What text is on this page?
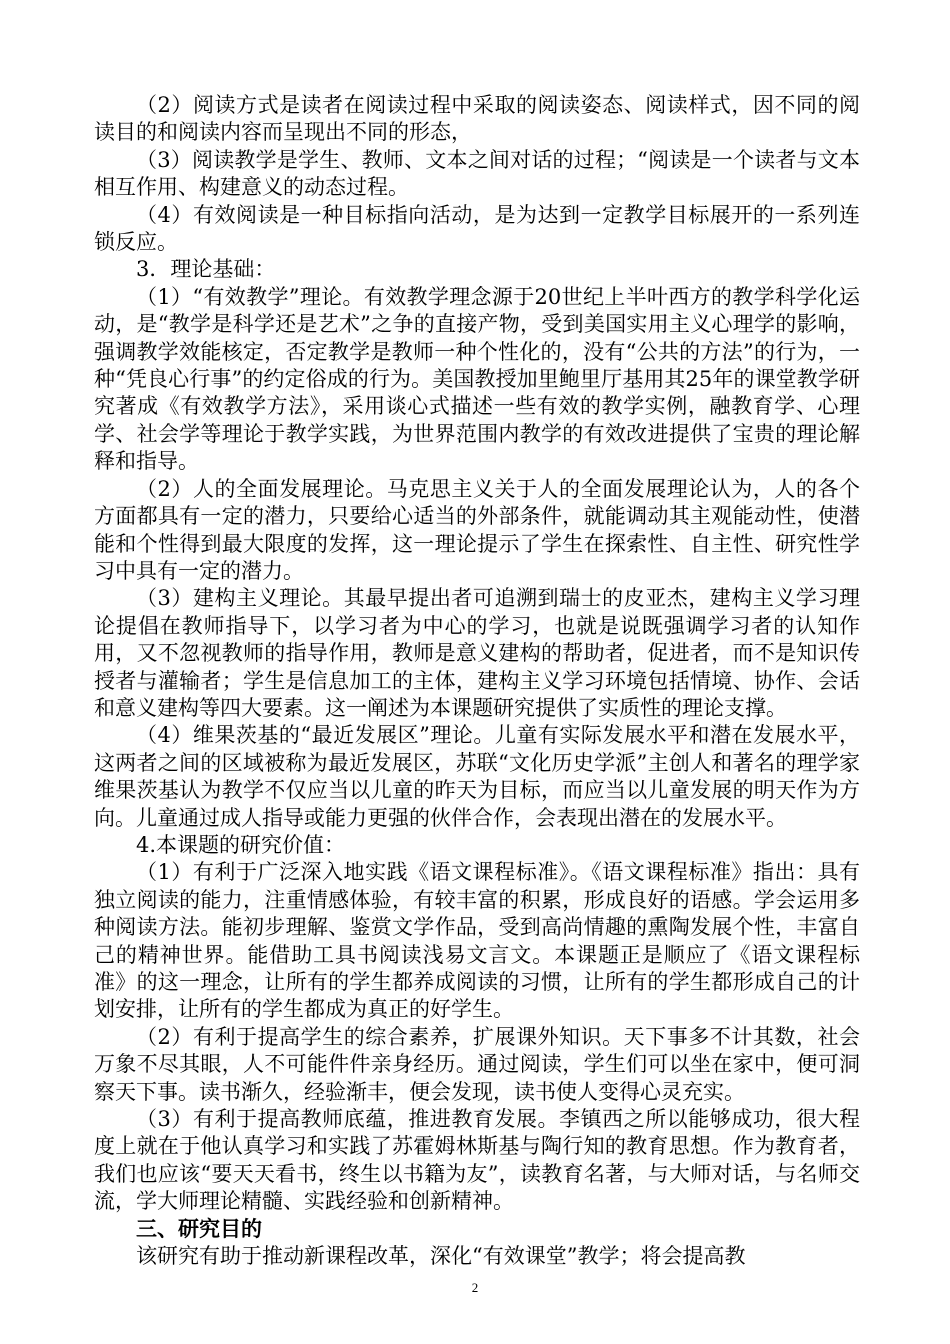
（2）阅读方式是读者在阅读过程中采取的阅读姿态、阅读样式，因不同的阅读目的和阅读内容而呈现出不同的形态，

（3）阅读教学是学生、教师、文本之间对话的过程；“阅读是一个读者与文本相互作用、构建意义的动态过程。

（4）有效阅读是一种目标指向活动，是为达到一定教学目标展开的一系列连锁反应。

3．理论基础：

（1）“有效教学”理论。有效教学理念源于20世纪上半叶西方的教学科学化运动，是“教学是科学还是艺术”之争的直接产物，受到美国实用主义心理学的影响，强调教学效能核定，否定教学是教师一种个性化的，没有“公共的方法”的行为，一种“凭良心行事”的约定俗成的行为。美国教授加里鲍里厅基用其25年的课堂教学研究著成《有效教学方法》，采用谈心式描述一些有效的教学实例，融教育学、心理学、社会学等理论于教学实践，为世界范围内教学的有效改进提供了宝贵的理论解释和指导。

（2）人的全面发展理论。马克思主义关于人的全面发展理论认为，人的各个方面都具有一定的潜力，只要给心适当的外部条件，就能调动其主观能动性，使潜能和个性得到最大限度的发挥，这一理论提示了学生在探索性、自主性、研究性学习中具有一定的潜力。

（3）建构主义理论。其最早提出者可追溯到瑞士的皮亚杰，建构主义学习理论提倡在教师指导下，以学习者为中心的学习，也就是说既强调学习者的认知作用，又不忽视教师的指导作用，教师是意义建构的帮助者，促进者，而不是知识传授者与灌输者；学生是信息加工的主体，建构主义学习环境包括情境、协作、会话和意义建构等四大要素。这一阐述为本课题研究提供了实质性的理论支撑。

（4）维果茨基的“最近发展区”理论。儿童有实际发展水平和潜在发展水平，这两者之间的区域被称为最近发展区，苏联“文化历史学派”主创人和著名的理学家维果茨基认为教学不仅应当以儿童的昨天为目标，而应当以儿童发展的明天作为方向。儿童通过成人指导或能力更强的伙伴合作，会表现出潜在的发展水平。

4.本课题的研究价值：

（1）有利于广泛深入地实践《语文课程标准》。《语文课程标准》指出：具有独立阅读的能力，注重情感体验，有较丰富的积累，形成良好的语感。学会运用多种阅读方法。能初步理解、鉴赏文学作品，受到高尚情趣的熏陶发展个性，丰富自己的精神世界。能借助工具书阅读浅易文言文。本课题正是顺应了《语文课程标准》的这一理念，让所有的学生都养成阅读的习惯，让所有的学生都形成自己的计划安排，让所有的学生都成为真正的好学生。

（2）有利于提高学生的综合素养，扩展课外知识。天下事多不计其数，社会万象不尽其眼，人不可能件件亲身经历。通过阅读，学生们可以坐在家中，便可洞察天下事。读书渐久，经验渐丰，便会发现，读书使人变得心灵充实。

（3）有利于提高教师底蕴，推进教育发展。李镇西之所以能够成功，很大程度上就在于他认真学习和实践了苏霍姆林斯基与陶行知的教育思想。作为教育者，我们也应该“要天天看书，终生以书籍为友”，读教育名著，与大师对话，与名师交流，学大师理论精髓、实践经验和创新精神。

三、研究目的

该研究有助于推动新课程改革，深化“有效课堂”教学；将会提高教

2
